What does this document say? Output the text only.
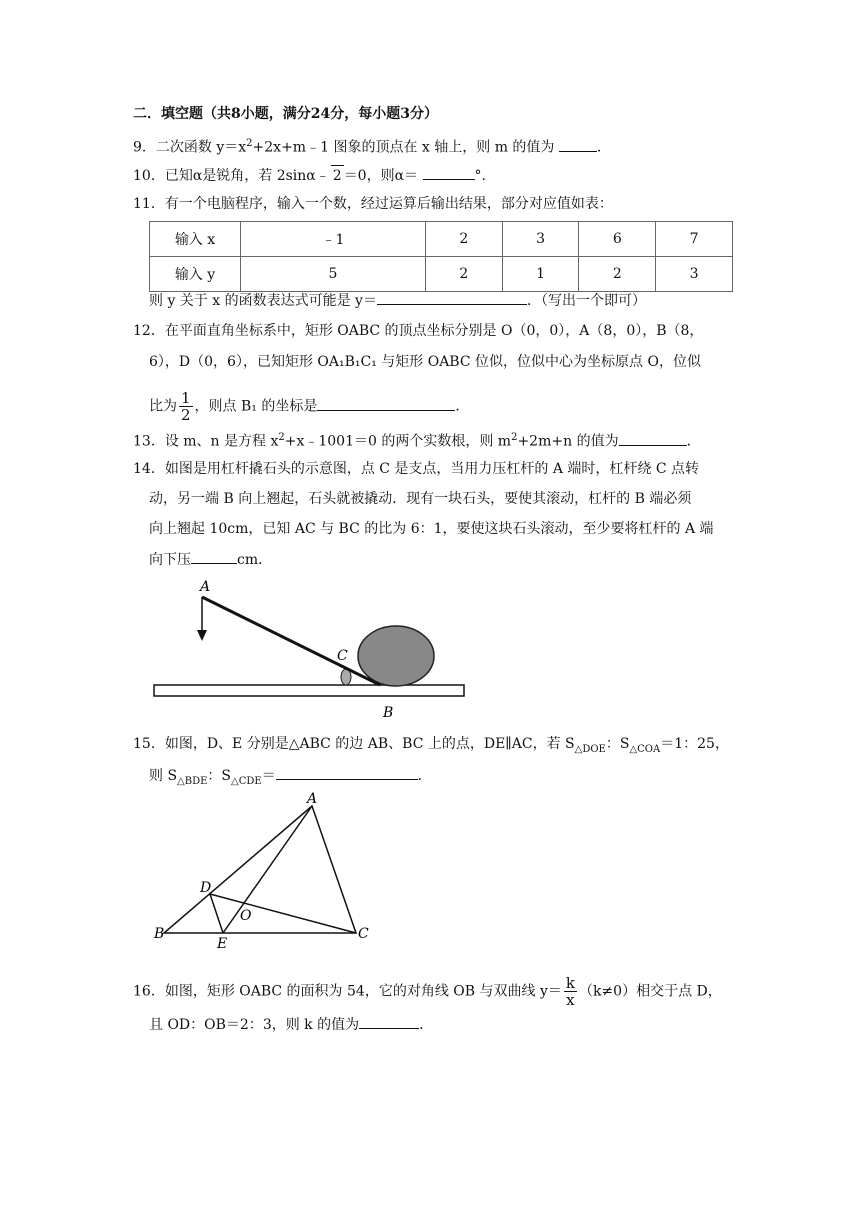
二．填空题（共8小题，满分24分，每小题3分）
9．二次函数 $y=x^2+2x+m﹣1$ 图象的顶点在 x 轴上，则 m 的值为	．
10．已知α是锐角，若 2sinα﹣ 2 ＝0，则α＝	°．
11．有一个电脑程序，输入一个数，经过运算后输出结果，部分对应值如表：
输入 x	﹣1	2	3	6	7
输入 y	5	2	1	2	3
则 y 关于 x 的函数表达式可能是 y＝	．（写出一个即可）
12．在平面直角坐标系中，矩形 OABC 的顶点坐标分别是 O（0，0），A（8，0），B（8，
6），D（0，6），已知矩形 OA₁B₁C₁ 与矩形 OABC 位似，位似中心为坐标原点 O，位似
比为 $\frac{1}{2}$ ，则点 B₁ 的坐标是	．
13．设 m、n 是方程 $x^2+x﹣1001=0$ 的两个实数根，则 $m^2+2m+n$ 的值为	．
14．如图是用杠杆撬石头的示意图，点 C 是支点，当用力压杠杆的 A 端时，杠杆绕 C 点转
动，另一端 B 向上翘起，石头就被撬动．现有一块石头，要使其滚动，杠杆的 B 端必须
向上翘起 10cm，已知 AC 与 BC 的比为 6：1，要使这块石头滚动，至少要将杠杆的 A 端
向下压	cm．
A
C
B
15．如图，D、E 分别是△ABC 的边 AB、BC 上的点，DE∥AC，若 $S_{\triangle DOE}$：$S_{\triangle COA}=1$：25，
则 $S_{\triangle BDE}$：$S_{\triangle CDE}=$	．
A
B	C
D
E
O
16．如图，矩形 OABC 的面积为 54，它的对角线 OB 与双曲线 $y= \frac{k}{x} (k\ne 0)$相交于点 D，
且 OD：OB＝2：3，则 k 的值为	．
